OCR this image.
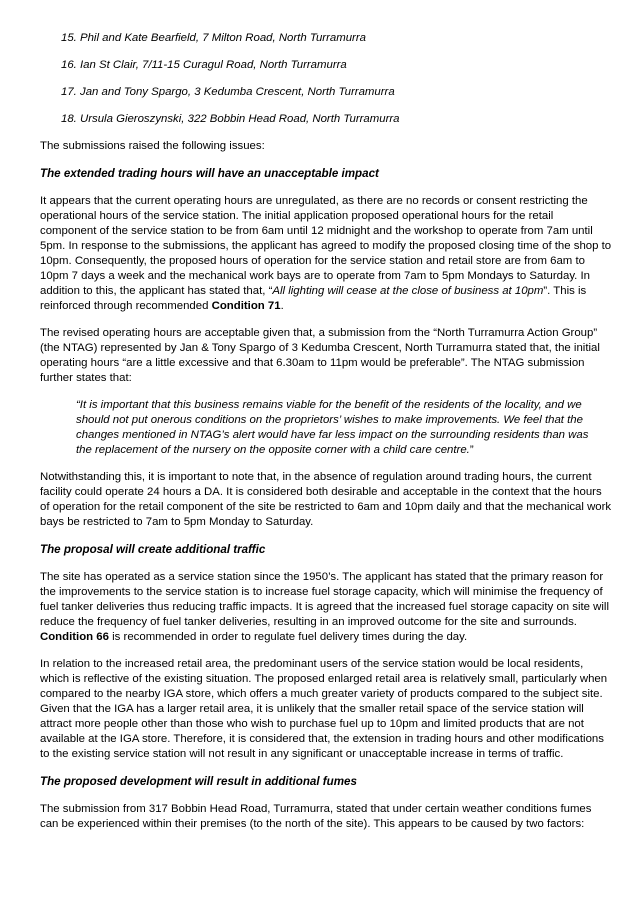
15. Phil and Kate Bearfield, 7 Milton Road, North Turramurra
16. Ian St Clair, 7/11-15 Curagul Road, North Turramurra
17. Jan and Tony Spargo, 3 Kedumba Crescent, North Turramurra
18. Ursula Gieroszynski, 322 Bobbin Head Road, North Turramurra

The submissions raised the following issues:

The extended trading hours will have an unacceptable impact

It appears that the current operating hours are unregulated, as there are no records or consent restricting the operational hours of the service station. The initial application proposed operational hours for the retail component of the service station to be from 6am until 12 midnight and the workshop to operate from 7am until 5pm. In response to the submissions, the applicant has agreed to modify the proposed closing time of the shop to 10pm. Consequently, the proposed hours of operation for the service station and retail store are from 6am to 10pm 7 days a week and the mechanical work bays are to operate from 7am to 5pm Mondays to Saturday. In addition to this, the applicant has stated that, “All lighting will cease at the close of business at 10pm”. This is reinforced through recommended Condition 71.

The revised operating hours are acceptable given that, a submission from the “North Turramurra Action Group” (the NTAG) represented by Jan & Tony Spargo of 3 Kedumba Crescent, North Turramurra stated that, the initial operating hours “are a little excessive and that 6.30am to 11pm would be preferable”. The NTAG submission further states that:

“It is important that this business remains viable for the benefit of the residents of the locality, and we should not put onerous conditions on the proprietors’ wishes to make improvements. We feel that the changes mentioned in NTAG’s alert would have far less impact on the surrounding residents than was the replacement of the nursery on the opposite corner with a child care centre.”

Notwithstanding this, it is important to note that, in the absence of regulation around trading hours, the current facility could operate 24 hours a DA. It is considered both desirable and acceptable in the context that the hours of operation for the retail component of the site be restricted to 6am and 10pm daily and that the mechanical work bays be restricted to 7am to 5pm Monday to Saturday.

The proposal will create additional traffic

The site has operated as a service station since the 1950’s. The applicant has stated that the primary reason for the improvements to the service station is to increase fuel storage capacity, which will minimise the frequency of fuel tanker deliveries thus reducing traffic impacts. It is agreed that the increased fuel storage capacity on site will reduce the frequency of fuel tanker deliveries, resulting in an improved outcome for the site and surrounds. Condition 66 is recommended in order to regulate fuel delivery times during the day.

In relation to the increased retail area, the predominant users of the service station would be local residents, which is reflective of the existing situation. The proposed enlarged retail area is relatively small, particularly when compared to the nearby IGA store, which offers a much greater variety of products compared to the subject site. Given that the IGA has a larger retail area, it is unlikely that the smaller retail space of the service station will attract more people other than those who wish to purchase fuel up to 10pm and limited products that are not available at the IGA store. Therefore, it is considered that, the extension in trading hours and other modifications to the existing service station will not result in any significant or unacceptable increase in terms of traffic.

The proposed development will result in additional fumes

The submission from 317 Bobbin Head Road, Turramurra, stated that under certain weather conditions fumes can be experienced within their premises (to the north of the site). This appears to be caused by two factors:
